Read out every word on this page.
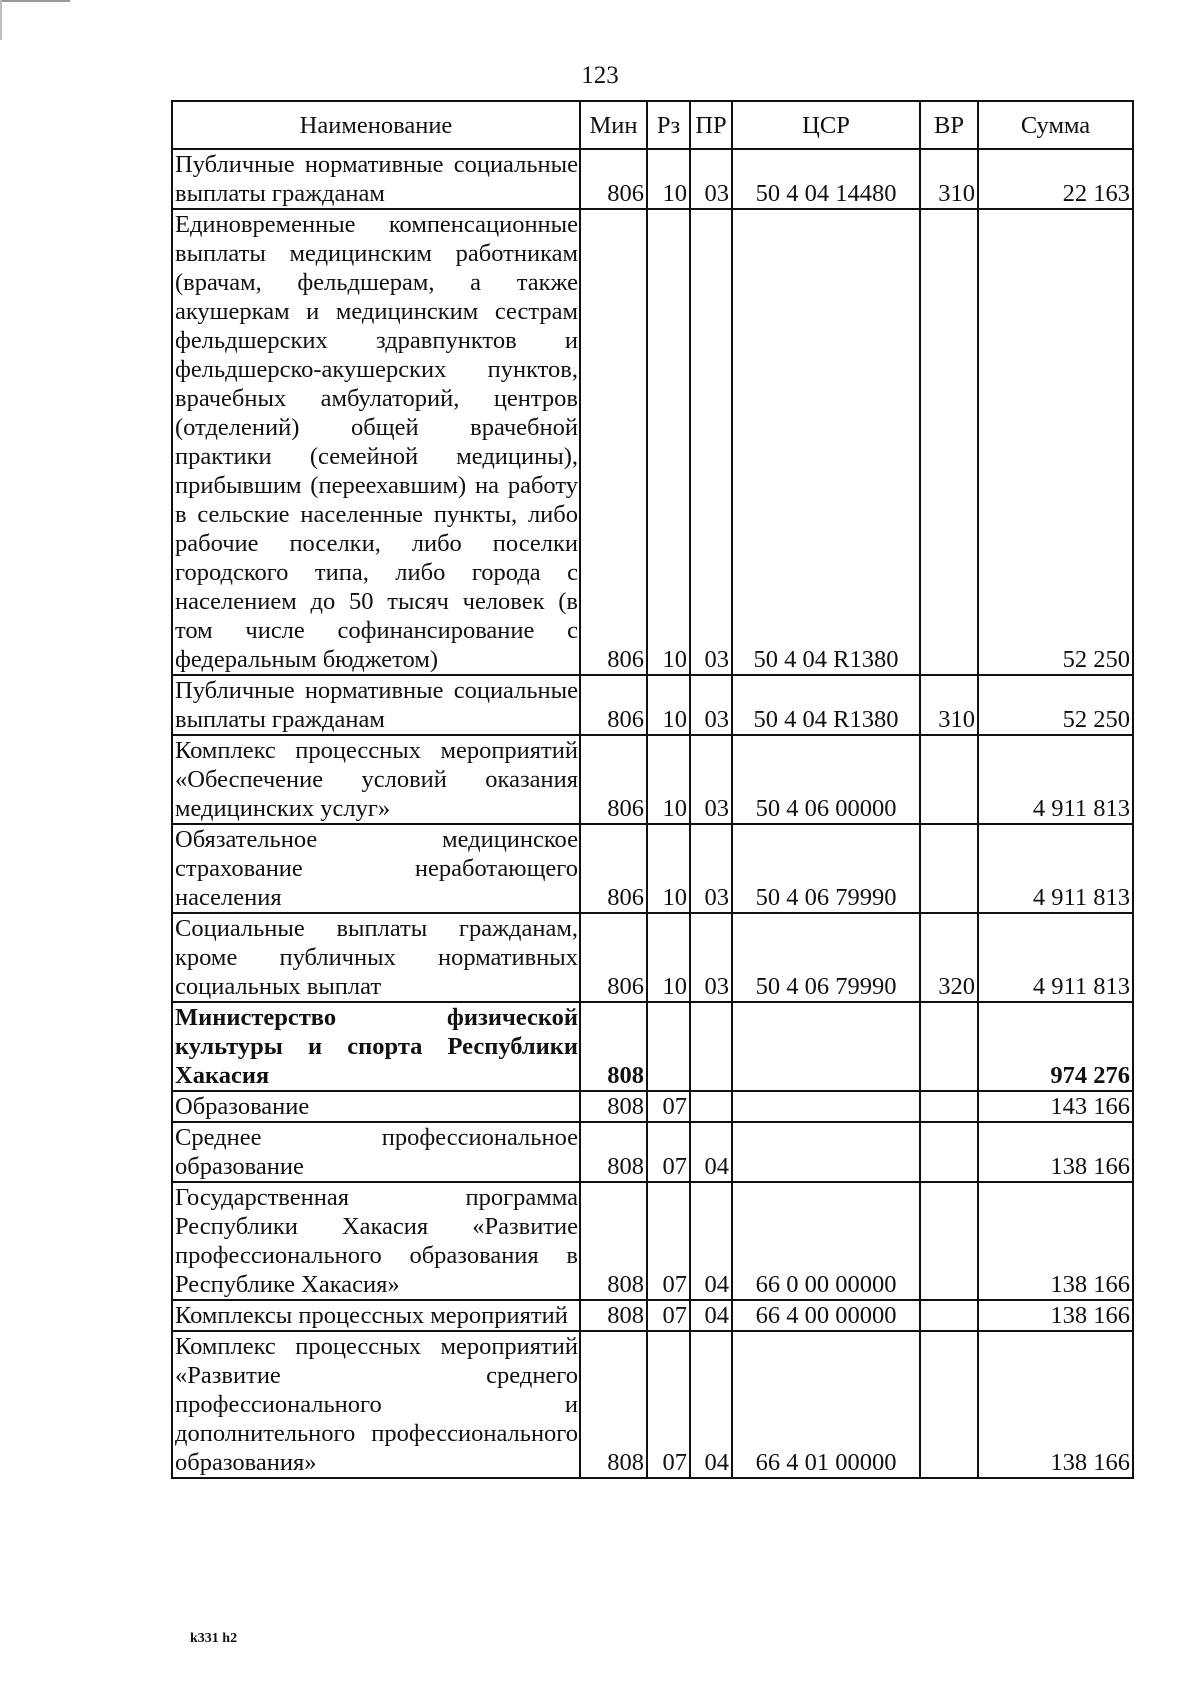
123
Наименование	Мин	Рз	ПР	ЦСР	ВР	Сумма
Публичные нормативные социальные выплаты гражданам	806	10	03	50 4 04 14480	310	22 163
Единовременные компенсационные выплаты медицинским работникам (врачам, фельдшерам, а также акушеркам и медицинским сестрам фельдшерских здравпунктов и фельдшерско-акушерских пунктов, врачебных амбулаторий, центров (отделений) общей врачебной практики (семейной медицины), прибывшим (переехавшим) на работу в сельские населенные пункты, либо рабочие поселки, либо поселки городского типа, либо города с населением до 50 тысяч человек (в том числе софинансирование с федеральным бюджетом)	806	10	03	50 4 04 R1380		52 250
Публичные нормативные социальные выплаты гражданам	806	10	03	50 4 04 R1380	310	52 250
Комплекс процессных мероприятий «Обеспечение условий оказания медицинских услуг»	806	10	03	50 4 06 00000		4 911 813
Обязательное медицинское страхование неработающего населения	806	10	03	50 4 06 79990		4 911 813
Социальные выплаты гражданам, кроме публичных нормативных социальных выплат	806	10	03	50 4 06 79990	320	4 911 813
Министерство физической культуры и спорта Республики Хакасия	808					974 276
Образование	808	07				143 166
Среднее профессиональное образование	808	07	04			138 166
Государственная программа Республики Хакасия «Развитие профессионального образования в Республике Хакасия»	808	07	04	66 0 00 00000		138 166
Комплексы процессных мероприятий	808	07	04	66 4 00 00000		138 166
Комплекс процессных мероприятий «Развитие среднего профессионального и дополнительного профессионального образования»	808	07	04	66 4 01 00000		138 166
k331 h2
